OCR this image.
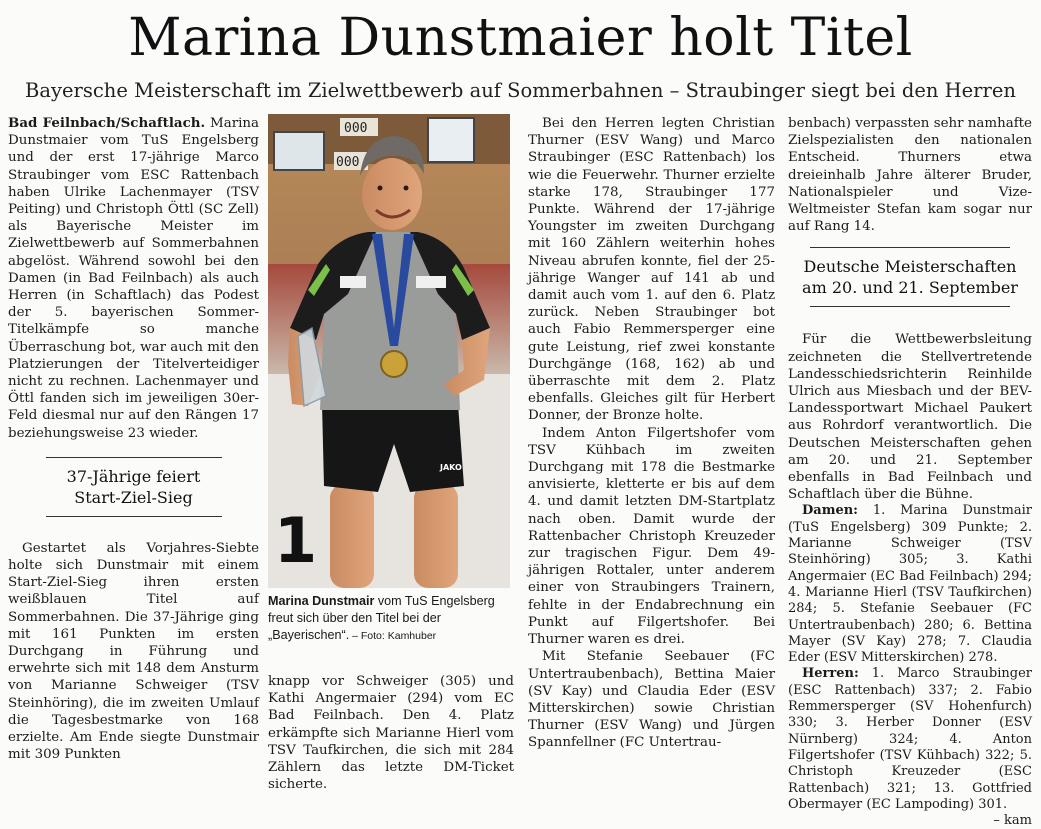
Marina Dunstmaier holt Titel
Bayersche Meisterschaft im Zielwettbewerb auf Sommerbahnen – Straubinger siegt bei den Herren

Bad Feilnbach/Schaftlach. Marina Dunstmaier vom TuS Engelsberg und der erst 17-jährige Marco Straubinger vom ESC Rattenbach haben Ulrike Lachenmayer (TSV Peiting) und Christoph Öttl (SC Zell) als Bayerische Meister im Zielwettbewerb auf Sommerbahnen abgelöst. Während sowohl bei den Damen (in Bad Feilnbach) als auch Herren (in Schaftlach) das Podest der 5. bayerischen Sommer-Titelkämpfe so manche Überraschung bot, war auch mit den Platzierungen der Titelverteidiger nicht zu rechnen. Lachenmayer und Öttl fanden sich im jeweiligen 30er-Feld diesmal nur auf den Rängen 17 beziehungsweise 23 wieder.

37-Jährige feiert
Start-Ziel-Sieg

Gestartet als Vorjahres-Siebte holte sich Dunstmair mit einem Start-Ziel-Sieg ihren ersten weißblauen Titel auf Sommerbahnen. Die 37-Jährige ging mit 161 Punkten im ersten Durchgang in Führung und erwehrte sich mit 148 dem Ansturm von Marianne Schweiger (TSV Steinhöring), die im zweiten Umlauf die Tagesbestmarke von 168 erzielte. Am Ende siegte Dunstmair mit 309 Punkten

000
000
1
JAKO
Marina Dunstmair vom TuS Engelsberg freut sich über den Titel bei der „Bayerischen“. – Foto: Kamhuber

knapp vor Schweiger (305) und Kathi Angermaier (294) vom EC Bad Feilnbach. Den 4. Platz erkämpfte sich Marianne Hierl vom TSV Taufkirchen, die sich mit 284 Zählern das letzte DM-Ticket sicherte.

Bei den Herren legten Christian Thurner (ESV Wang) und Marco Straubinger (ESC Rattenbach) los wie die Feuerwehr. Thurner erzielte starke 178, Straubinger 177 Punkte. Während der 17-jährige Youngster im zweiten Durchgang mit 160 Zählern weiterhin hohes Niveau abrufen konnte, fiel der 25-jährige Wanger auf 141 ab und damit auch vom 1. auf den 6. Platz zurück. Neben Straubinger bot auch Fabio Remmersperger eine gute Leistung, rief zwei konstante Durchgänge (168, 162) ab und überraschte mit dem 2. Platz ebenfalls. Gleiches gilt für Herbert Donner, der Bronze holte.

Indem Anton Filgertshofer vom TSV Kühbach im zweiten Durchgang mit 178 die Bestmarke anvisierte, kletterte er bis auf dem 4. und damit letzten DM-Startplatz nach oben. Damit wurde der Rattenbacher Christoph Kreuzeder zur tragischen Figur. Dem 49-jährigen Rottaler, unter anderem einer von Straubingers Trainern, fehlte in der Endabrechnung ein Punkt auf Filgertshofer. Bei Thurner waren es drei.

Mit Stefanie Seebauer (FC Untertraubenbach), Bettina Maier (SV Kay) und Claudia Eder (ESV Mitterskirchen) sowie Christian Thurner (ESV Wang) und Jürgen Spannfellner (FC Untertrau-

benbach) verpassten sehr namhafte Zielspezialisten den nationalen Entscheid. Thurners etwa dreieinhalb Jahre älterer Bruder, Nationalspieler und Vize-Weltmeister Stefan kam sogar nur auf Rang 14.

Deutsche Meisterschaften
am 20. und 21. September

Für die Wettbewerbsleitung zeichneten die Stellvertretende Landesschiedsrichterin Reinhilde Ulrich aus Miesbach und der BEV-Landessportwart Michael Paukert aus Rohrdorf verantwortlich. Die Deutschen Meisterschaften gehen am 20. und 21. September ebenfalls in Bad Feilnbach und Schaftlach über die Bühne.

Damen: 1. Marina Dunstmair (TuS Engelsberg) 309 Punkte; 2. Marianne Schweiger (TSV Steinhöring) 305; 3. Kathi Angermaier (EC Bad Feilnbach) 294; 4. Marianne Hierl (TSV Taufkirchen) 284; 5. Stefanie Seebauer (FC Untertraubenbach) 280; 6. Bettina Mayer (SV Kay) 278; 7. Claudia Eder (ESV Mitterskirchen) 278.

Herren: 1. Marco Straubinger (ESC Rattenbach) 337; 2. Fabio Remmersperger (SV Hohenfurch) 330; 3. Herber Donner (ESV Nürnberg) 324; 4. Anton Filgertshofer (TSV Kühbach) 322; 5. Christoph Kreuzeder (ESC Rattenbach) 321; 13. Gottfried Obermayer (EC Lampoding) 301.
– kam
